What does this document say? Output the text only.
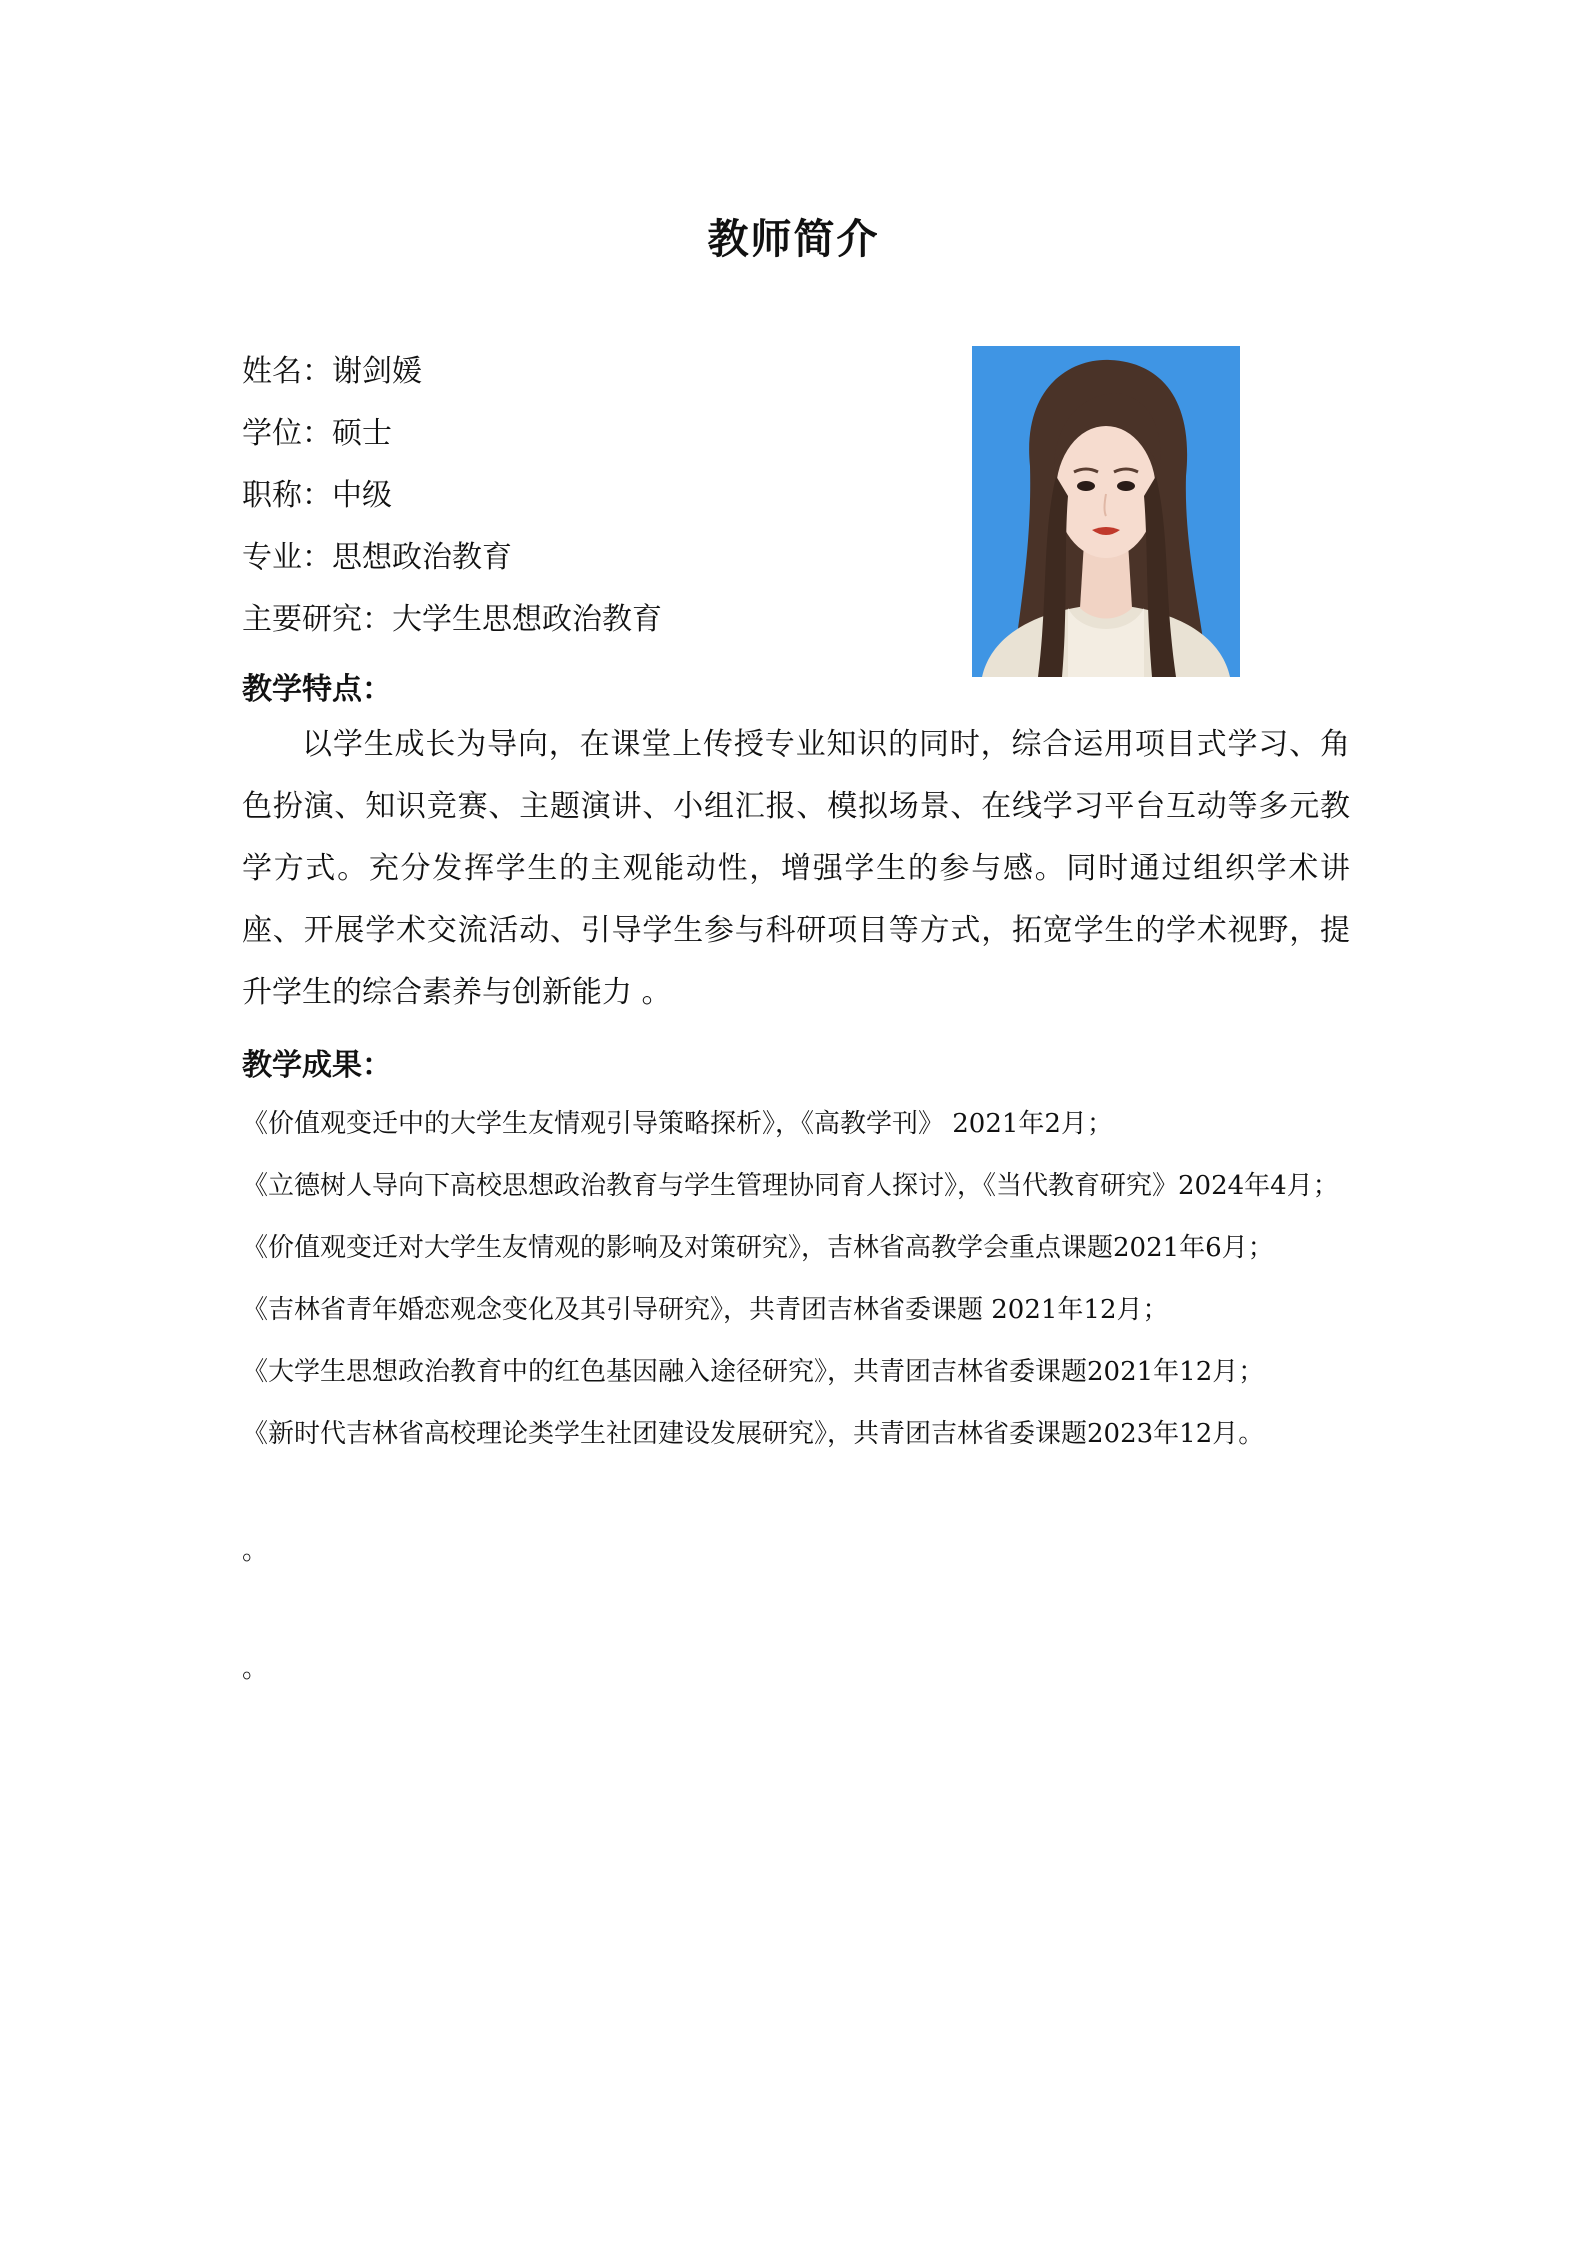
教师简介
姓名：谢剑媛
学位：硕士
职称：中级
专业：思想政治教育
主要研究：大学生思想政治教育
教学特点：

以学生成长为导向，在课堂上传授专业知识的同时，综合运用项目式学习、角色扮演、知识竞赛、主题演讲、小组汇报、模拟场景、在线学习平台互动等多元教学方式。充分发挥学生的主观能动性，增强学生的参与感。同时通过组织学术讲座、开展学术交流活动、引导学生参与科研项目等方式，拓宽学生的学术视野，提升学生的综合素养与创新能力 。

教学成果：
《价值观变迁中的大学生友情观引导策略探析》，《高教学刊》 2021年2月；
《立德树人导向下高校思想政治教育与学生管理协同育人探讨》，《当代教育研究》2024年4月；
《价值观变迁对大学生友情观的影响及对策研究》，吉林省高教学会重点课题2021年6月；
《吉林省青年婚恋观念变化及其引导研究》，共青团吉林省委课题 2021年12月；
《大学生思想政治教育中的红色基因融入途径研究》，共青团吉林省委课题2021年12月；
《新时代吉林省高校理论类学生社团建设发展研究》，共青团吉林省委课题2023年12月。
。
。
